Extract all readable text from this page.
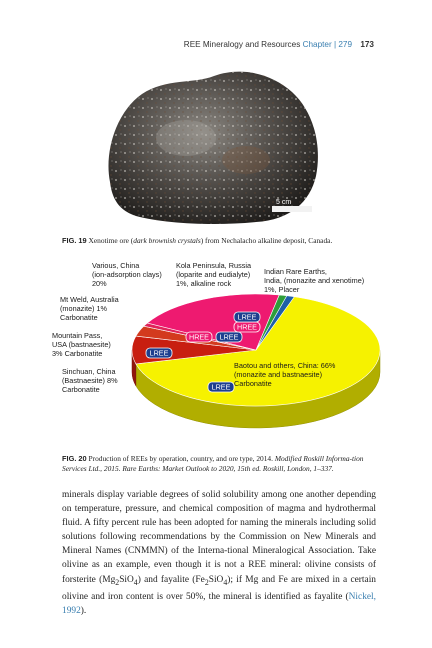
REE Mineralogy and Resources Chapter | 279 173
5 cm
FIG. 19 Xenotime ore (dark brownish crystals) from Nechalacho alkaline deposit, Canada.
LREE
LREE
HREE LREE
HREE
LREE
Baotou and others, China: 66% (monazite and bastnaesite) Carbonatite
Sinchuan, China (Bastnaesite) 8% Carbonatite
Mountain Pass, USA (bastnaesite) 3% Carbonatite
Mt Weld, Australia (monazite) 1% Carbonatite
Various, China (ion-adsorption clays) 20%
Kola Peninsula, Russia (loparite and eudialyte) 1%, alkaline rock
Indian Rare Earths, India, (monazite and xenotime) 1%, Placer
FIG. 20 Production of REEs by operation, country, and ore type, 2014. Modified Roskill Informa-tion Services Ltd., 2015. Rare Earths: Market Outlook to 2020, 15th ed. Roskill, London, 1–337.

minerals display variable degrees of solid solubility among one another depending on temperature, pressure, and chemical composition of magma and hydrothermal fluid. A fifty percent rule has been adopted for naming the minerals including solid solutions following recommendations by the Commission on New Minerals and Mineral Names (CNMMN) of the Interna-tional Mineralogical Association. Take olivine as an example, even though it is not a REE mineral: olivine consists of forsterite $(Mg_2SiO_4)$ and fayalite $(Fe_2SiO_4)$; if Mg and Fe are mixed in a certain olivine and iron content is over 50%, the mineral is identified as fayalite (Nickel, 1992).
